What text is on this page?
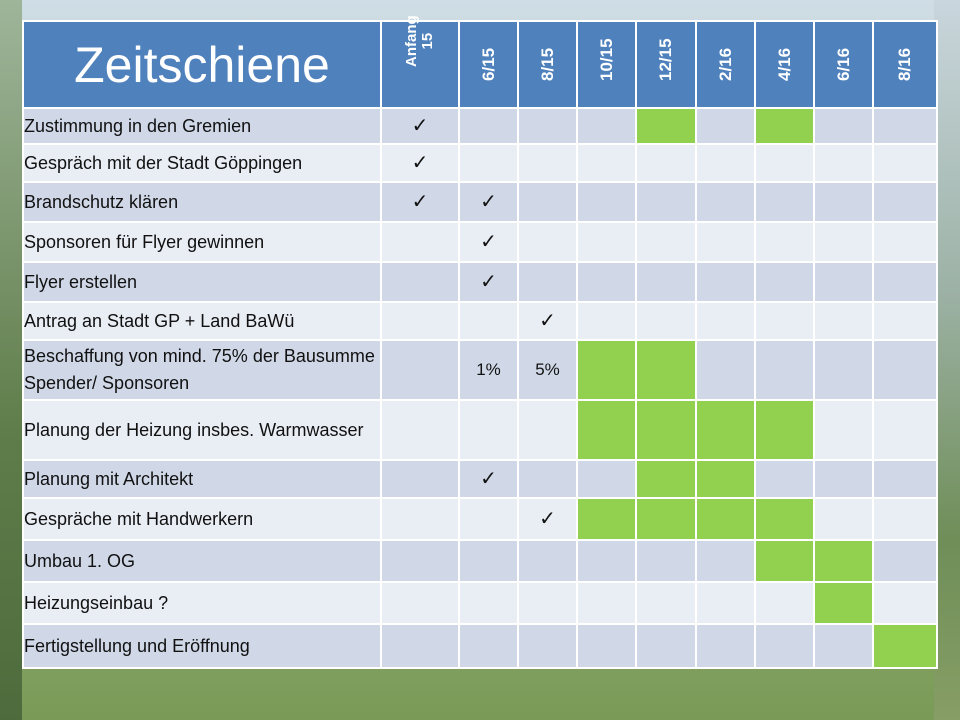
Zeitschiene	Anfang 15	6/15	8/15	10/15	12/15	2/16	4/16	6/16	8/16

Zustimmung in den Gremien	✓								
Gespräch mit der Stadt Göppingen	✓								
Brandschutz klären	✓	✓							
Sponsoren für Flyer gewinnen		✓							
Flyer erstellen		✓							
Antrag an Stadt GP + Land BaWü			✓						
Beschaffung von mind. 75% der Bausumme Spender/ Sponsoren		1%	5%						
Planung der Heizung insbes. Warmwasser									
Planung mit Architekt		✓							
Gespräche mit Handwerkern			✓						
Umbau 1. OG									
Heizungseinbau ?									
Fertigstellung und Eröffnung									
